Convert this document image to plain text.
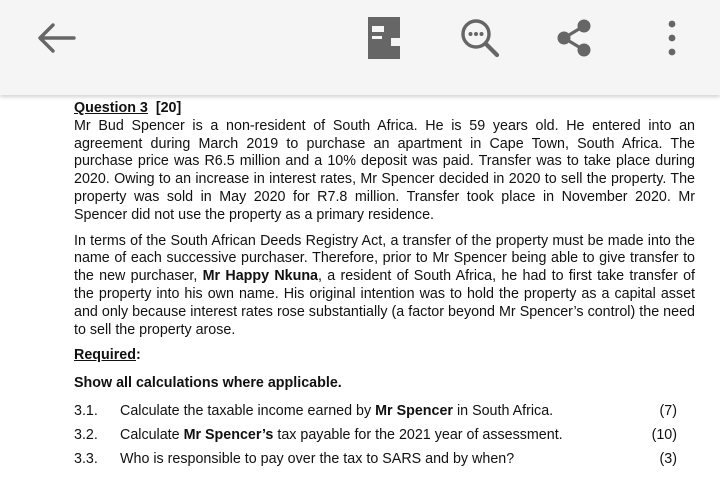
Question 3 [20]

Mr Bud Spencer is a non-resident of South Africa. He is 59 years old. He entered into an agreement during March 2019 to purchase an apartment in Cape Town, South Africa. The purchase price was R6.5 million and a 10% deposit was paid. Transfer was to take place during 2020. Owing to an increase in interest rates, Mr Spencer decided in 2020 to sell the property. The property was sold in May 2020 for R7.8 million. Transfer took place in November 2020. Mr Spencer did not use the property as a primary residence.

In terms of the South African Deeds Registry Act, a transfer of the property must be made into the name of each successive purchaser. Therefore, prior to Mr Spencer being able to give transfer to the new purchaser, Mr Happy Nkuna, a resident of South Africa, he had to first take transfer of the property into his own name. His original intention was to hold the property as a capital asset and only because interest rates rose substantially (a factor beyond Mr Spencer’s control) the need to sell the property arose.

Required:

Show all calculations where applicable.

3.1. Calculate the taxable income earned by Mr Spencer in South Africa.	(7)
3.2. Calculate Mr Spencer’s tax payable for the 2021 year of assessment.	(10)
3.3. Who is responsible to pay over the tax to SARS and by when?	(3)
